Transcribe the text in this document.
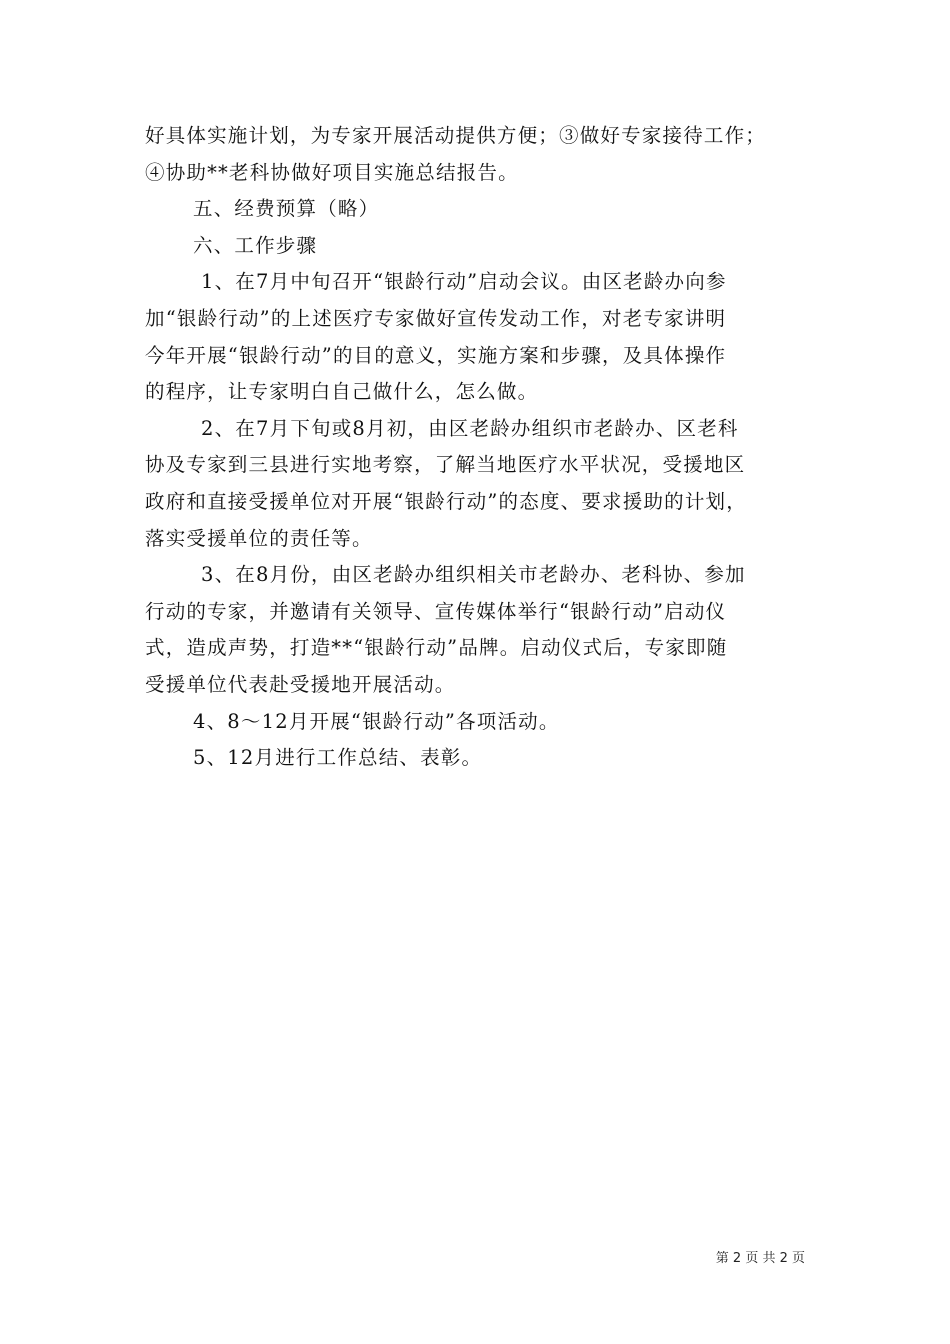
好具体实施计划，为专家开展活动提供方便；③做好专家接待工作；
④协助**老科协做好项目实施总结报告。

五、经费预算（略）

六、工作步骤

1、在7月中旬召开“银龄行动”启动会议。由区老龄办向参
加“银龄行动”的上述医疗专家做好宣传发动工作，对老专家讲明
今年开展“银龄行动”的目的意义，实施方案和步骤，及具体操作
的程序，让专家明白自己做什么，怎么做。

2、在7月下旬或8月初，由区老龄办组织市老龄办、区老科
协及专家到三县进行实地考察，了解当地医疗水平状况，受援地区
政府和直接受援单位对开展“银龄行动”的态度、要求援助的计划，
落实受援单位的责任等。

3、在8月份，由区老龄办组织相关市老龄办、老科协、参加
行动的专家，并邀请有关领导、宣传媒体举行“银龄行动”启动仪
式，造成声势，打造**“银龄行动”品牌。启动仪式后，专家即随
受援单位代表赴受援地开展活动。

4、8～12月开展“银龄行动”各项活动。

5、12月进行工作总结、表彰。

第 2 页 共 2 页
